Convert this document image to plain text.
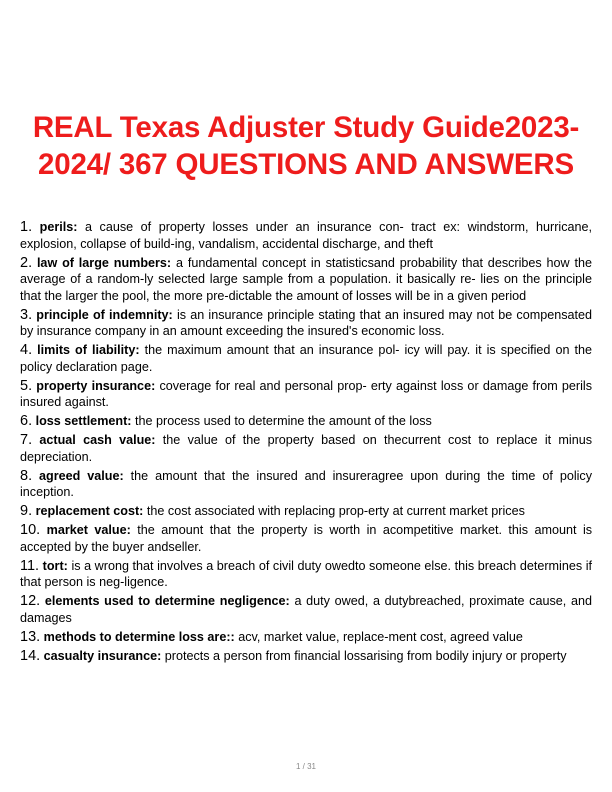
REAL Texas Adjuster Study Guide2023-2024/ 367 QUESTIONS AND ANSWERS
1. perils: a cause of property losses under an insurance con- tract ex: windstorm, hurricane, explosion, collapse of build-ing, vandalism, accidental discharge, and theft
2. law of large numbers: a fundamental concept in statisticsand probability that describes how the average of a random-ly selected large sample from a population. it basically re- lies on the principle that the larger the pool, the more pre-dictable the amount of losses will be in a given period
3. principle of indemnity: is an insurance principle stating that an insured may not be compensated by insurance company in an amount exceeding the insured's economic loss.
4. limits of liability: the maximum amount that an insurance pol- icy will pay. it is specified on the policy declaration page.
5. property insurance: coverage for real and personal prop- erty against loss or damage from perils insured against.
6. loss settlement: the process used to determine the amount of the loss
7. actual cash value: the value of the property based on thecurrent cost to replace it minus depreciation.
8. agreed value: the amount that the insured and insureragree upon during the time of policy inception.
9. replacement cost: the cost associated with replacing prop-erty at current market prices
10. market value: the amount that the property is worth in acompetitive market. this amount is accepted by the buyer andseller.
11. tort: is a wrong that involves a breach of civil duty owedto someone else. this breach determines if that person is neg-ligence.
12. elements used to determine negligence: a duty owed, a dutybreached, proximate cause, and damages
13. methods to determine loss are:: acv, market value, replace-ment cost, agreed value
14. casualty insurance: protects a person from financial lossarising from bodily injury or property
1 / 31
